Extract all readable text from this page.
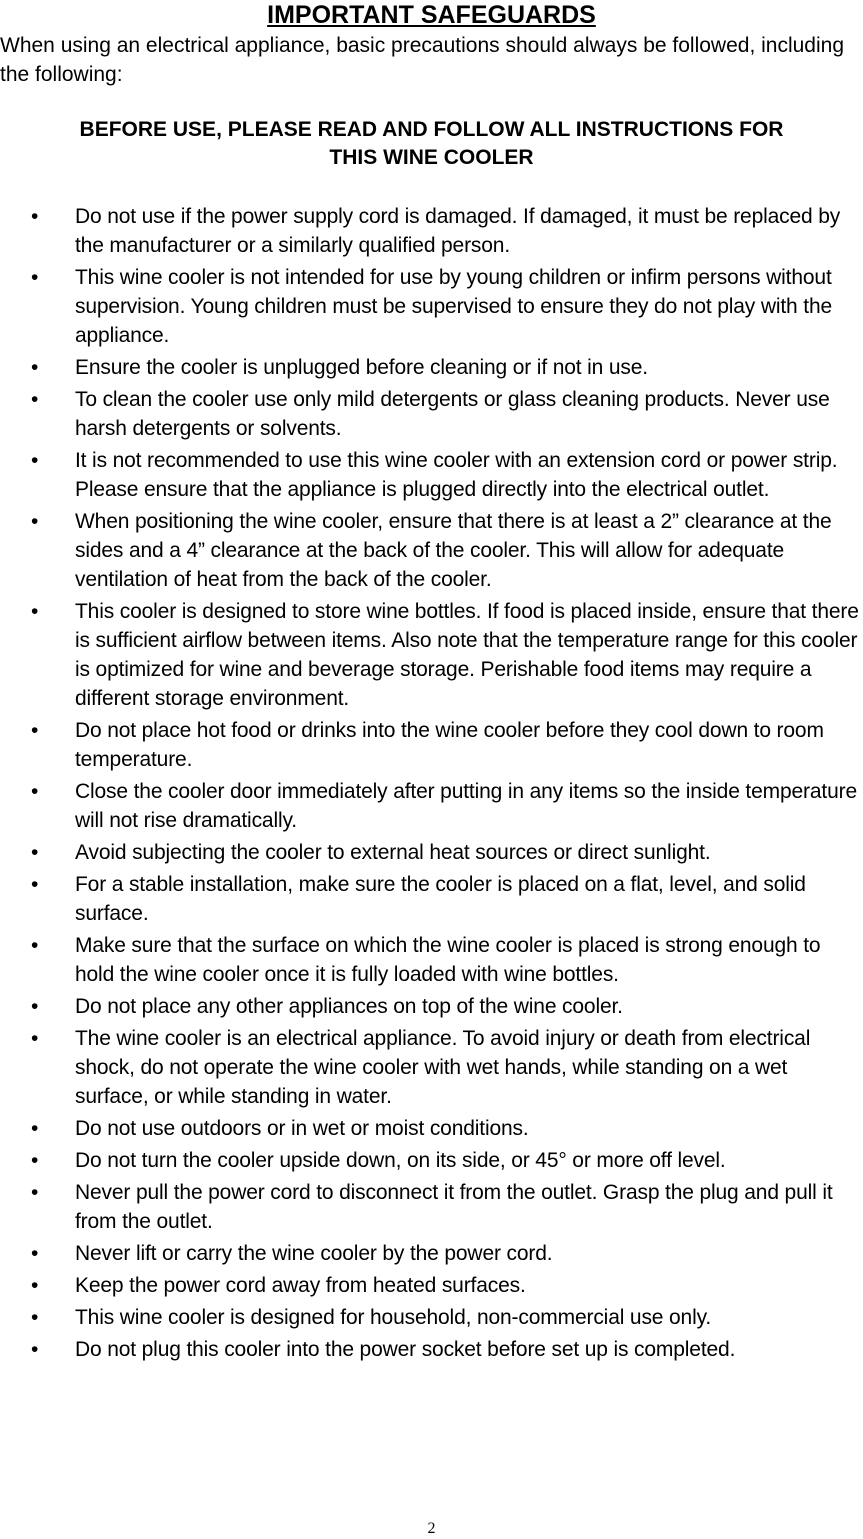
IMPORTANT SAFEGUARDS
When using an electrical appliance, basic precautions should always be followed, including the following:
BEFORE USE, PLEASE READ AND FOLLOW ALL INSTRUCTIONS FOR
THIS WINE COOLER
• Do not use if the power supply cord is damaged. If damaged, it must be replaced by the manufacturer or a similarly qualified person.
• This wine cooler is not intended for use by young children or infirm persons without supervision. Young children must be supervised to ensure they do not play with the appliance.
• Ensure the cooler is unplugged before cleaning or if not in use.
• To clean the cooler use only mild detergents or glass cleaning products. Never use harsh detergents or solvents.
• It is not recommended to use this wine cooler with an extension cord or power strip. Please ensure that the appliance is plugged directly into the electrical outlet.
• When positioning the wine cooler, ensure that there is at least a 2” clearance at the sides and a 4” clearance at the back of the cooler. This will allow for adequate ventilation of heat from the back of the cooler.
• This cooler is designed to store wine bottles. If food is placed inside, ensure that there is sufficient airflow between items. Also note that the temperature range for this cooler is optimized for wine and beverage storage. Perishable food items may require a different storage environment.
• Do not place hot food or drinks into the wine cooler before they cool down to room temperature.
• Close the cooler door immediately after putting in any items so the inside temperature will not rise dramatically.
• Avoid subjecting the cooler to external heat sources or direct sunlight.
• For a stable installation, make sure the cooler is placed on a flat, level, and solid surface.
• Make sure that the surface on which the wine cooler is placed is strong enough to hold the wine cooler once it is fully loaded with wine bottles.
• Do not place any other appliances on top of the wine cooler.
• The wine cooler is an electrical appliance. To avoid injury or death from electrical shock, do not operate the wine cooler with wet hands, while standing on a wet surface, or while standing in water.
• Do not use outdoors or in wet or moist conditions.
• Do not turn the cooler upside down, on its side, or 45° or more off level.
• Never pull the power cord to disconnect it from the outlet. Grasp the plug and pull it from the outlet.
• Never lift or carry the wine cooler by the power cord.
• Keep the power cord away from heated surfaces.
• This wine cooler is designed for household, non-commercial use only.
• Do not plug this cooler into the power socket before set up is completed.
2
